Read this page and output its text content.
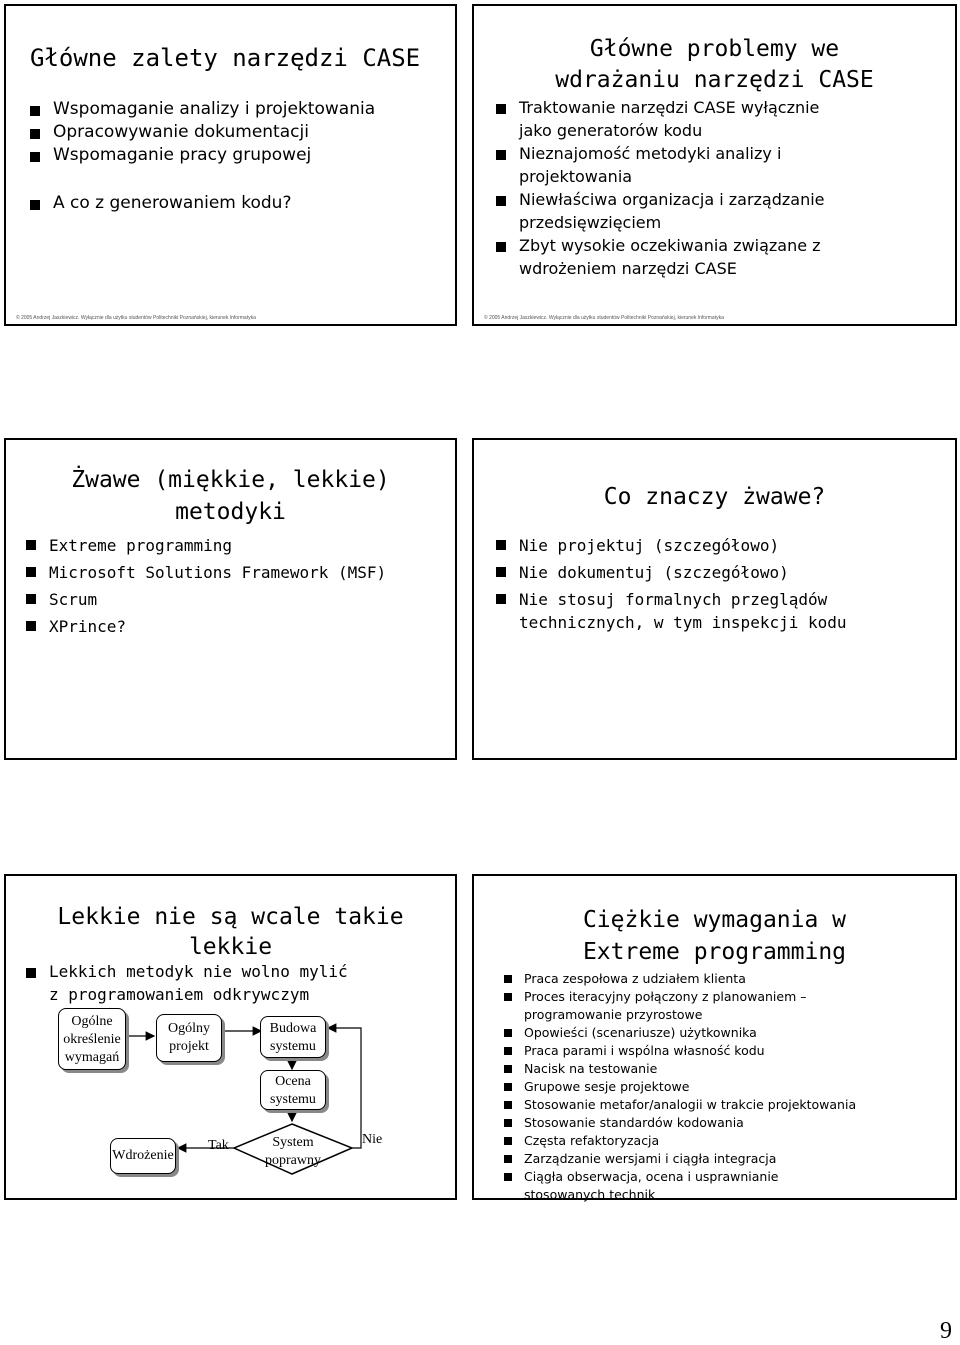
Główne zalety narzędzi CASE
Wspomaganie analizy i projektowania
Opracowywanie dokumentacji
Wspomaganie pracy grupowej
A co z generowaniem kodu?
© 2005 Andrzej Jaszkiewicz. Wyłącznie dla użytku studentów Politechniki Poznańskiej, kierunek Informatyka
Główne problemy we
wdrażaniu narzędzi CASE
Traktowanie narzędzi CASE wyłącznie jako generatorów kodu
Nieznajomość metodyki analizy i projektowania
Niewłaściwa organizacja i zarządzanie przedsięwzięciem
Zbyt wysokie oczekiwania związane z wdrożeniem narzędzi CASE
© 2005 Andrzej Jaszkiewicz. Wyłącznie dla użytku studentów Politechniki Poznańskiej, kierunek Informatyka
Żwawe (miękkie, lekkie)
metodyki
Extreme programming
Microsoft Solutions Framework (MSF)
Scrum
XPrince?
Co znaczy żwawe?
Nie projektuj (szczegółowo)
Nie dokumentuj (szczegółowo)
Nie stosuj formalnych przeglądów technicznych, w tym inspekcji kodu
Lekkie nie są wcale takie
lekkie
Lekkich metodyk nie wolno mylić z programowaniem odkrywczym
Ogólne określenie wymagań
Ogólny projekt
Budowa systemu
Ocena systemu
System poprawny
Wdrożenie
Tak	Nie
Ciężkie wymagania w
Extreme programming
Praca zespołowa z udziałem klienta
Proces iteracyjny połączony z planowaniem – programowanie przyrostowe
Opowieści (scenariusze) użytkownika
Praca parami i wspólna własność kodu
Nacisk na testowanie
Grupowe sesje projektowe
Stosowanie metafor/analogii w trakcie projektowania
Stosowanie standardów kodowania
Częsta refaktoryzacja
Zarządzanie wersjami i ciągła integracja
Ciągła obserwacja, ocena i usprawnianie stosowanych technik
9
